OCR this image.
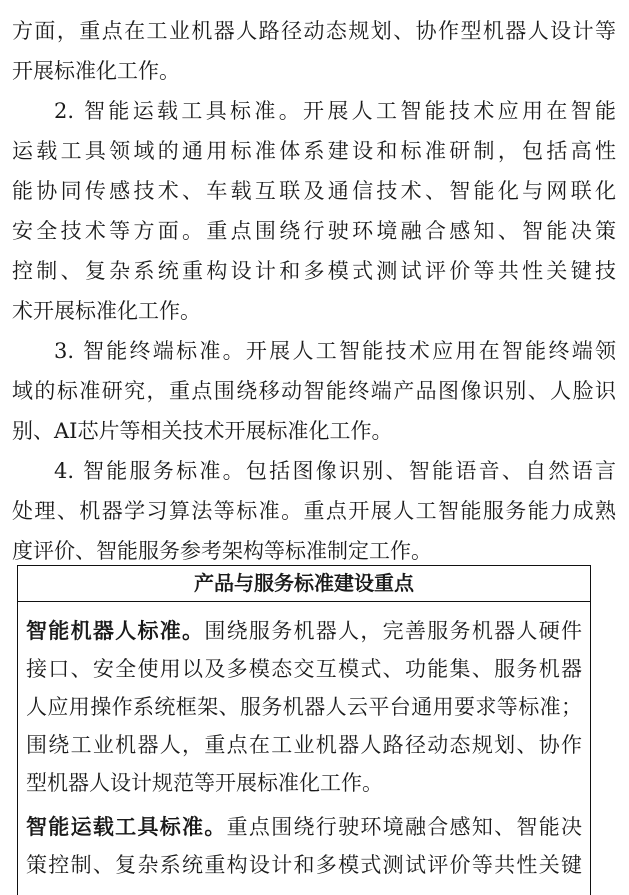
方面，重点在工业机器人路径动态规划、协作型机器人设计等
开展标准化工作。
2. 智能运载工具标准。开展人工智能技术应用在智能
运载工具领域的通用标准体系建设和标准研制，包括高性
能协同传感技术、车载互联及通信技术、智能化与网联化
安全技术等方面。重点围绕行驶环境融合感知、智能决策
控制、复杂系统重构设计和多模式测试评价等共性关键技
术开展标准化工作。
3. 智能终端标准。开展人工智能技术应用在智能终端领
域的标准研究，重点围绕移动智能终端产品图像识别、人脸识
别、AI芯片等相关技术开展标准化工作。
4. 智能服务标准。包括图像识别、智能语音、自然语言
处理、机器学习算法等标准。重点开展人工智能服务能力成熟
度评价、智能服务参考架构等标准制定工作。
产品与服务标准建设重点
智能机器人标准。围绕服务机器人，完善服务机器人硬件
接口、安全使用以及多模态交互模式、功能集、服务机器
人应用操作系统框架、服务机器人云平台通用要求等标准；
围绕工业机器人，重点在工业机器人路径动态规划、协作
型机器人设计规范等开展标准化工作。
智能运载工具标准。重点围绕行驶环境融合感知、智能决
策控制、复杂系统重构设计和多模式测试评价等共性关键
